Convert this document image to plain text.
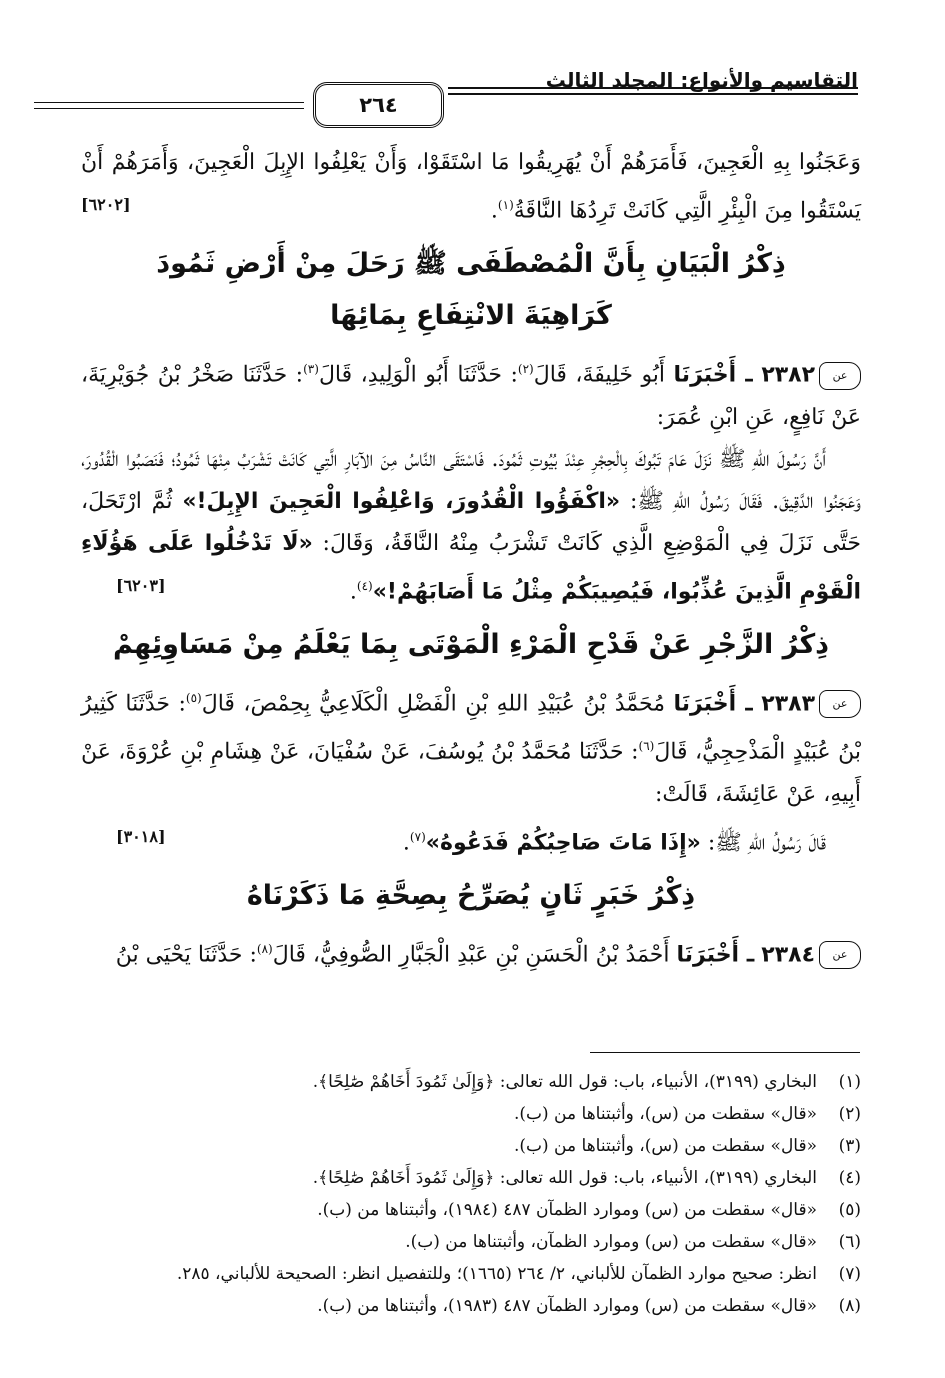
التقاسيم والأنواع: المجلد الثالث
٢٦٤

وَعَجَنُوا بِهِ الْعَجِينَ، فَأَمَرَهُمْ أَنْ يُهَرِيقُوا مَا اسْتَقَوْا، وَأَنْ يَعْلِفُوا الإِبِلَ الْعَجِينَ، وَأَمَرَهُمْ أَنْ يَسْتَقُوا مِنَ الْبِئْرِ الَّتِي كَانَتْ تَرِدُهَا النَّاقَةُ$^{(١)}$.
[٦٢٠٢]

ذِكْرُ الْبَيَانِ بِأَنَّ الْمُصْطَفَى ﷺ رَحَلَ مِنْ أَرْضِ ثَمُودَ
كَرَاهِيَةَ الانْتِفَاعِ بِمَائِهَا

عن٢٣٨٢ ـ أَخْبَرَنَا أَبُو خَلِيفَةَ، قَالَ$^{(٢)}$: حَدَّثَنَا أَبُو الْوَلِيدِ، قَالَ$^{(٣)}$: حَدَّثَنَا صَخْرُ بْنُ جُوَيْرِيَةَ، عَنْ نَافِعٍ، عَنِ ابْنِ عُمَرَ:

أَنَّ رَسُولَ اللهِ ﷺ نَزَلَ عَامَ تَبُوكَ بِالْحِجْرِ عِنْدَ بُيُوتِ ثَمُودَ. فَاسْتَقَى النَّاسُ مِنَ الآبَارِ الَّتِي كَانَتْ تَشْرَبُ مِنْهَا ثَمُودُ؛ فَنَصَبُوا الْقُدُورَ، وَعَجَنُوا الدَّقِيقَ. فَقَالَ رَسُولُ اللهِ ﷺ: «اكْفَؤُوا الْقُدُورَ، وَاعْلِفُوا الْعَجِينَ الإِبِلَ!» ثُمَّ ارْتَحَلَ، حَتَّى نَزَلَ فِي الْمَوْضِعِ الَّذِي كَانَتْ تَشْرَبُ مِنْهُ النَّاقَةُ، وَقَالَ: «لَا تَدْخُلُوا عَلَى هَؤُلَاءِ الْقَوْمِ الَّذِينَ عُذِّبُوا، فَيُصِيبَكُمْ مِثْلُ مَا أَصَابَهُمْ!»$^{(٤)}$.
[٦٢٠٣]

ذِكْرُ الزَّجْرِ عَنْ قَدْحِ الْمَرْءِ الْمَوْتَى بِمَا يَعْلَمُ مِنْ مَسَاوِئِهِمْ

عن٢٣٨٣ ـ أَخْبَرَنَا مُحَمَّدُ بْنُ عُبَيْدِ اللهِ بْنِ الْفَضْلِ الْكَلَاعِيُّ بِحِمْصَ، قَالَ$^{(٥)}$: حَدَّثَنَا كَثِيرُ بْنُ عُبَيْدٍ الْمَذْحِجِيُّ، قَالَ$^{(٦)}$: حَدَّثَنَا مُحَمَّدُ بْنُ يُوسُفَ، عَنْ سُفْيَانَ، عَنْ هِشَامِ بْنِ عُرْوَةَ، عَنْ أَبِيهِ، عَنْ عَائِشَةَ، قَالَتْ:

قَالَ رَسُولُ اللهِ ﷺ: «إِذَا مَاتَ صَاحِبُكُمْ فَدَعُوهُ»$^{(٧)}$.
[٣٠١٨]

ذِكْرُ خَبَرٍ ثَانٍ يُصَرِّحُ بِصِحَّةِ مَا ذَكَرْنَاهُ

عن٢٣٨٤ ـ أَخْبَرَنَا أَحْمَدُ بْنُ الْحَسَنِ بْنِ عَبْدِ الْجَبَّارِ الصُّوفِيُّ، قَالَ$^{(٨)}$: حَدَّثَنَا يَحْيَى بْنُ

(١)البخاري (٣١٩٩)، الأنبياء، باب: قول الله تعالى: ﴿وَإِلَىٰ ثَمُودَ أَخَاهُمْ صَٰلِحًا﴾.

(٢)«قال» سقطت من (س)، وأثبتناها من (ب).

(٣)«قال» سقطت من (س)، وأثبتناها من (ب).

(٤)البخاري (٣١٩٩)، الأنبياء، باب: قول الله تعالى: ﴿وَإِلَىٰ ثَمُودَ أَخَاهُمْ صَٰلِحًا﴾.

(٥)«قال» سقطت من (س) وموارد الظمآن ٤٨٧ (١٩٨٤)، وأثبتناها من (ب).

(٦)«قال» سقطت من (س) وموارد الظمآن، وأثبتناها من (ب).

(٧)انظر: صحيح موارد الظمآن للألباني، ٢/ ٢٦٤ (١٦٦٥)؛ وللتفصيل انظر: الصحيحة للألباني، ٢٨٥.

(٨)«قال» سقطت من (س) وموارد الظمآن ٤٨٧ (١٩٨٣)، وأثبتناها من (ب).
